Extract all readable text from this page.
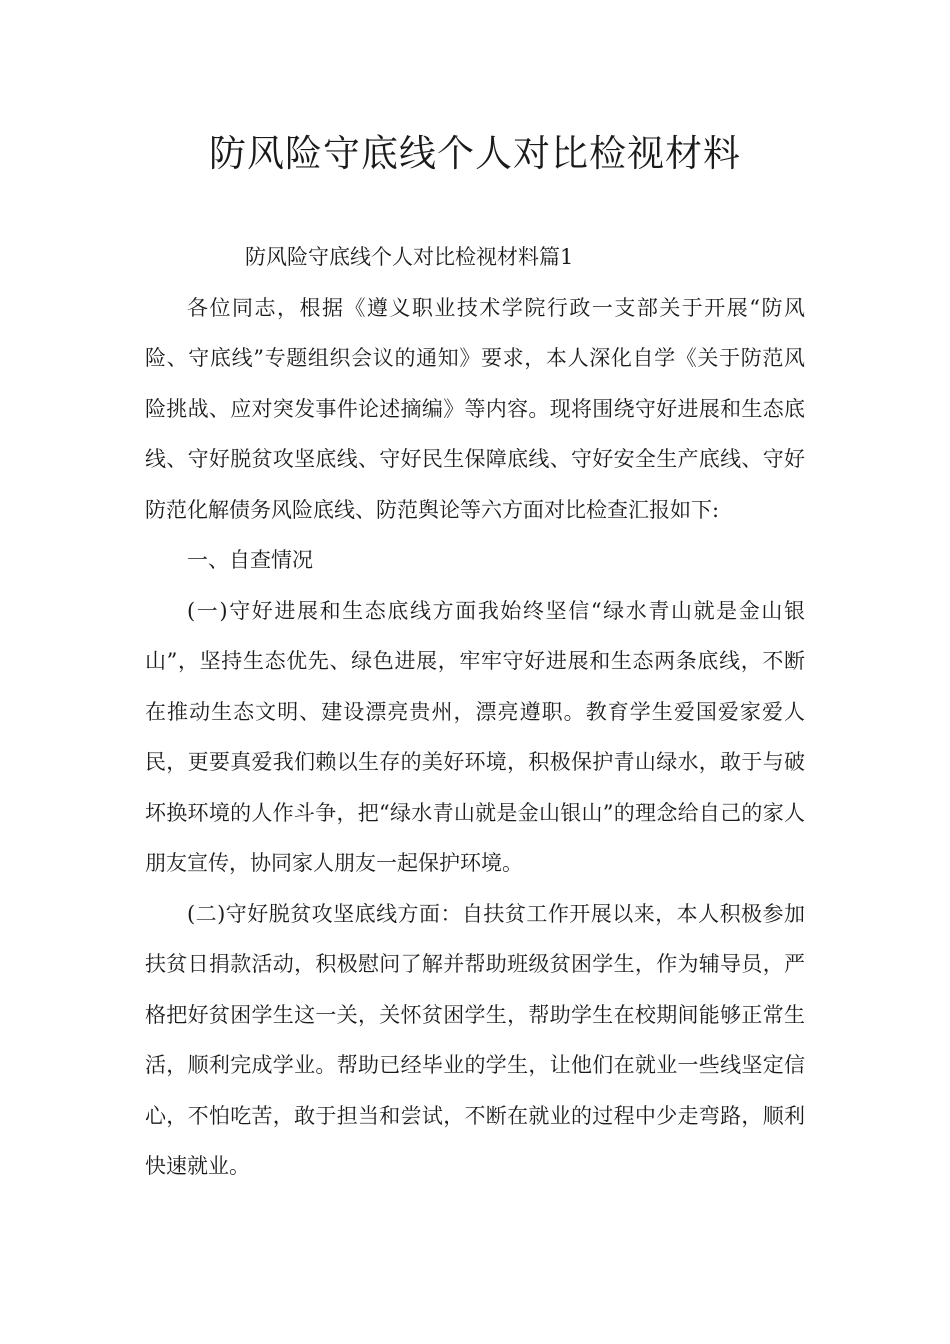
防风险守底线个人对比检视材料

防风险守底线个人对比检视材料篇1

各位同志，根据《遵义职业技术学院行政一支部关于开展“防风险、守底线”专题组织会议的通知》要求，本人深化自学《关于防范风险挑战、应对突发事件论述摘编》等内容。现将围绕守好进展和生态底线、守好脱贫攻坚底线、守好民生保障底线、守好安全生产底线、守好防范化解债务风险底线、防范舆论等六方面对比检查汇报如下:

一、自查情况

(一)守好进展和生态底线方面我始终坚信“绿水青山就是金山银山”，坚持生态优先、绿色进展，牢牢守好进展和生态两条底线，不断在推动生态文明、建设漂亮贵州，漂亮遵职。教育学生爱国爱家爱人民，更要真爱我们赖以生存的美好环境，积极保护青山绿水，敢于与破坏换环境的人作斗争，把“绿水青山就是金山银山”的理念给自己的家人朋友宣传，协同家人朋友一起保护环境。

(二)守好脱贫攻坚底线方面：自扶贫工作开展以来，本人积极参加扶贫日捐款活动，积极慰问了解并帮助班级贫困学生，作为辅导员，严格把好贫困学生这一关，关怀贫困学生，帮助学生在校期间能够正常生活，顺利完成学业。帮助已经毕业的学生，让他们在就业一些线坚定信心，不怕吃苦，敢于担当和尝试，不断在就业的过程中少走弯路，顺利快速就业。
